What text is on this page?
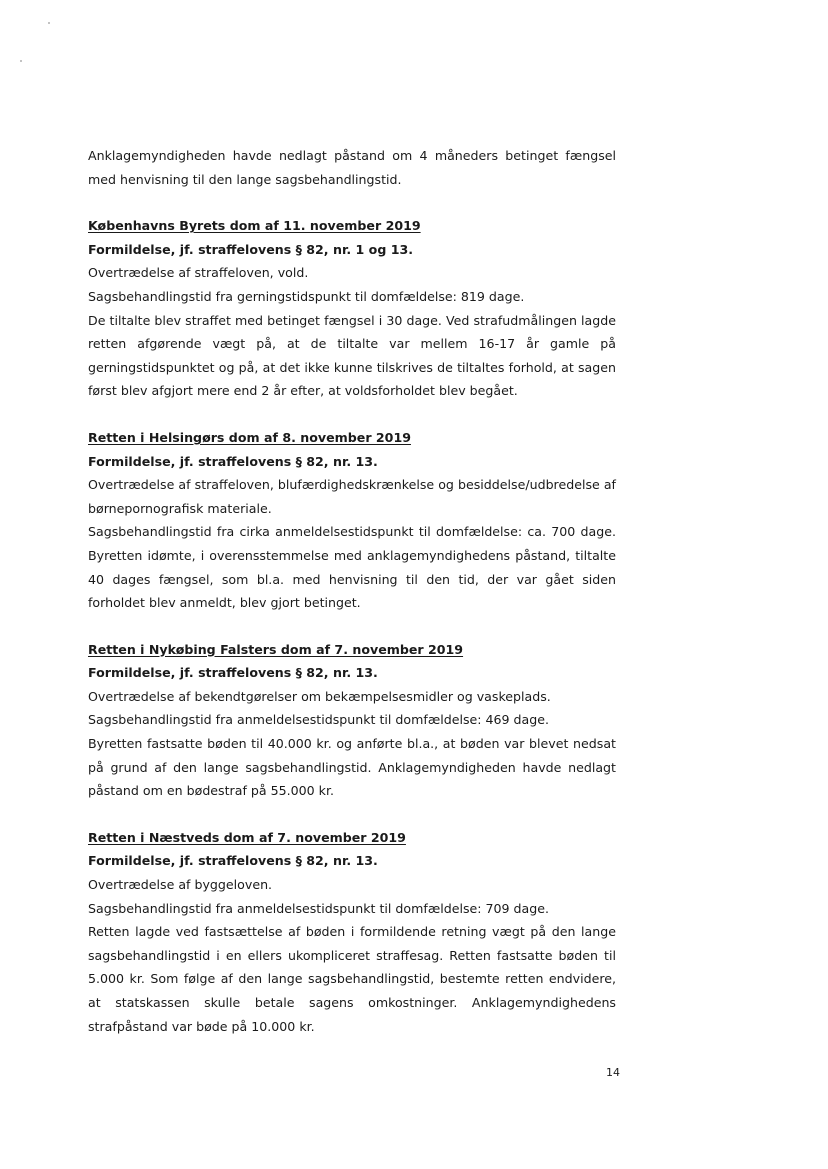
Anklagemyndigheden havde nedlagt påstand om 4 måneders betinget fængsel med henvisning til den lange sagsbehandlingstid.

Københavns Byrets dom af 11. november 2019

Formildelse, jf. straffelovens § 82, nr. 1 og 13.

Overtrædelse af straffeloven, vold.

Sagsbehandlingstid fra gerningstidspunkt til domfældelse: 819 dage.

De tiltalte blev straffet med betinget fængsel i 30 dage. Ved strafudmålingen lagde retten afgørende vægt på, at de tiltalte var mellem 16-17 år gamle på gerningstidspunktet og på, at det ikke kunne tilskrives de tiltaltes forhold, at sagen først blev afgjort mere end 2 år efter, at voldsforholdet blev begået.

Retten i Helsingørs dom af 8. november 2019

Formildelse, jf. straffelovens § 82, nr. 13.

Overtrædelse af straffeloven, blufærdighedskrænkelse og besiddelse/udbredelse af børnepornografisk materiale.

Sagsbehandlingstid fra cirka anmeldelsestidspunkt til domfældelse: ca. 700 dage. Byretten idømte, i overensstemmelse med anklagemyndighedens påstand, tiltalte 40 dages fængsel, som bl.a. med henvisning til den tid, der var gået siden forholdet blev anmeldt, blev gjort betinget.

Retten i Nykøbing Falsters dom af 7. november 2019

Formildelse, jf. straffelovens § 82, nr. 13.

Overtrædelse af bekendtgørelser om bekæmpelsesmidler og vaskeplads.

Sagsbehandlingstid fra anmeldelsestidspunkt til domfældelse: 469 dage.

Byretten fastsatte bøden til 40.000 kr. og anførte bl.a., at bøden var blevet nedsat på grund af den lange sagsbehandlingstid. Anklagemyndigheden havde nedlagt påstand om en bødestraf på 55.000 kr.

Retten i Næstveds dom af 7. november 2019

Formildelse, jf. straffelovens § 82, nr. 13.

Overtrædelse af byggeloven.

Sagsbehandlingstid fra anmeldelsestidspunkt til domfældelse: 709 dage.

Retten lagde ved fastsættelse af bøden i formildende retning vægt på den lange sagsbehandlingstid i en ellers ukompliceret straffesag. Retten fastsatte bøden til 5.000 kr. Som følge af den lange sagsbehandlingstid, bestemte retten endvidere, at statskassen skulle betale sagens omkostninger. Anklagemyndighedens strafpåstand var bøde på 10.000 kr.

14
